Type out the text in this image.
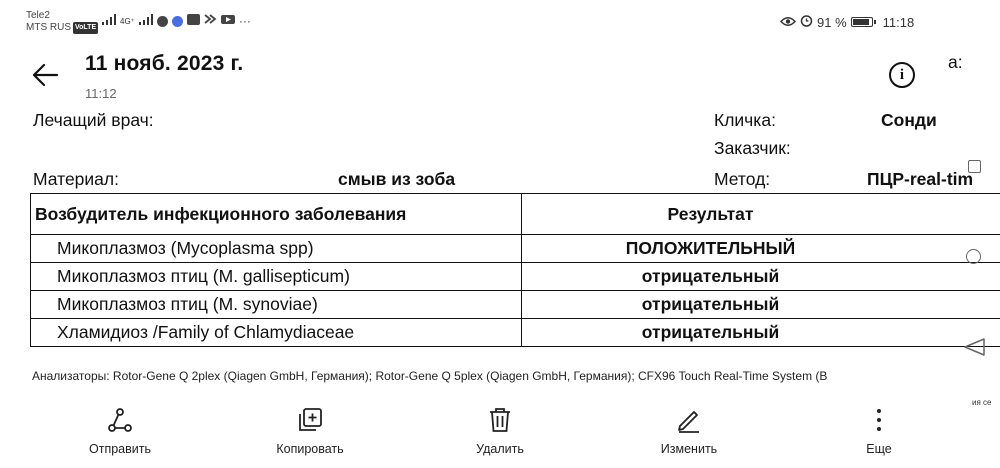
Tele2
MTS RUS VoLTE
4G⁺	···	91 %	11:18
11 нояб. 2023 г.
11:12
i
а:
Лечащий врач:	Кличка:	Сонди
Заказчик:
Материал:	смыв из зоба	Метод:	ПЦР-real-tim
Возбудитель инфекционного заболевания	Результат
Микоплазмоз (Mycoplasma spp)	ПОЛОЖИТЕЛЬНЫЙ
Микоплазмоз птиц (M. gallisepticum)	отрицательный
Микоплазмоз птиц (M. synoviae)	отрицательный
Хламидиоз /Family of Chlamydiaceae	отрицательный
Анализаторы: Rotor-Gene Q 2plex (Qiagen GmbH, Германия); Rotor-Gene Q 5plex (Qiagen GmbH, Германия); CFX96 Touch Real-Time System (B
ия се
Отправить	Копировать	Удалить	Изменить	Еще
